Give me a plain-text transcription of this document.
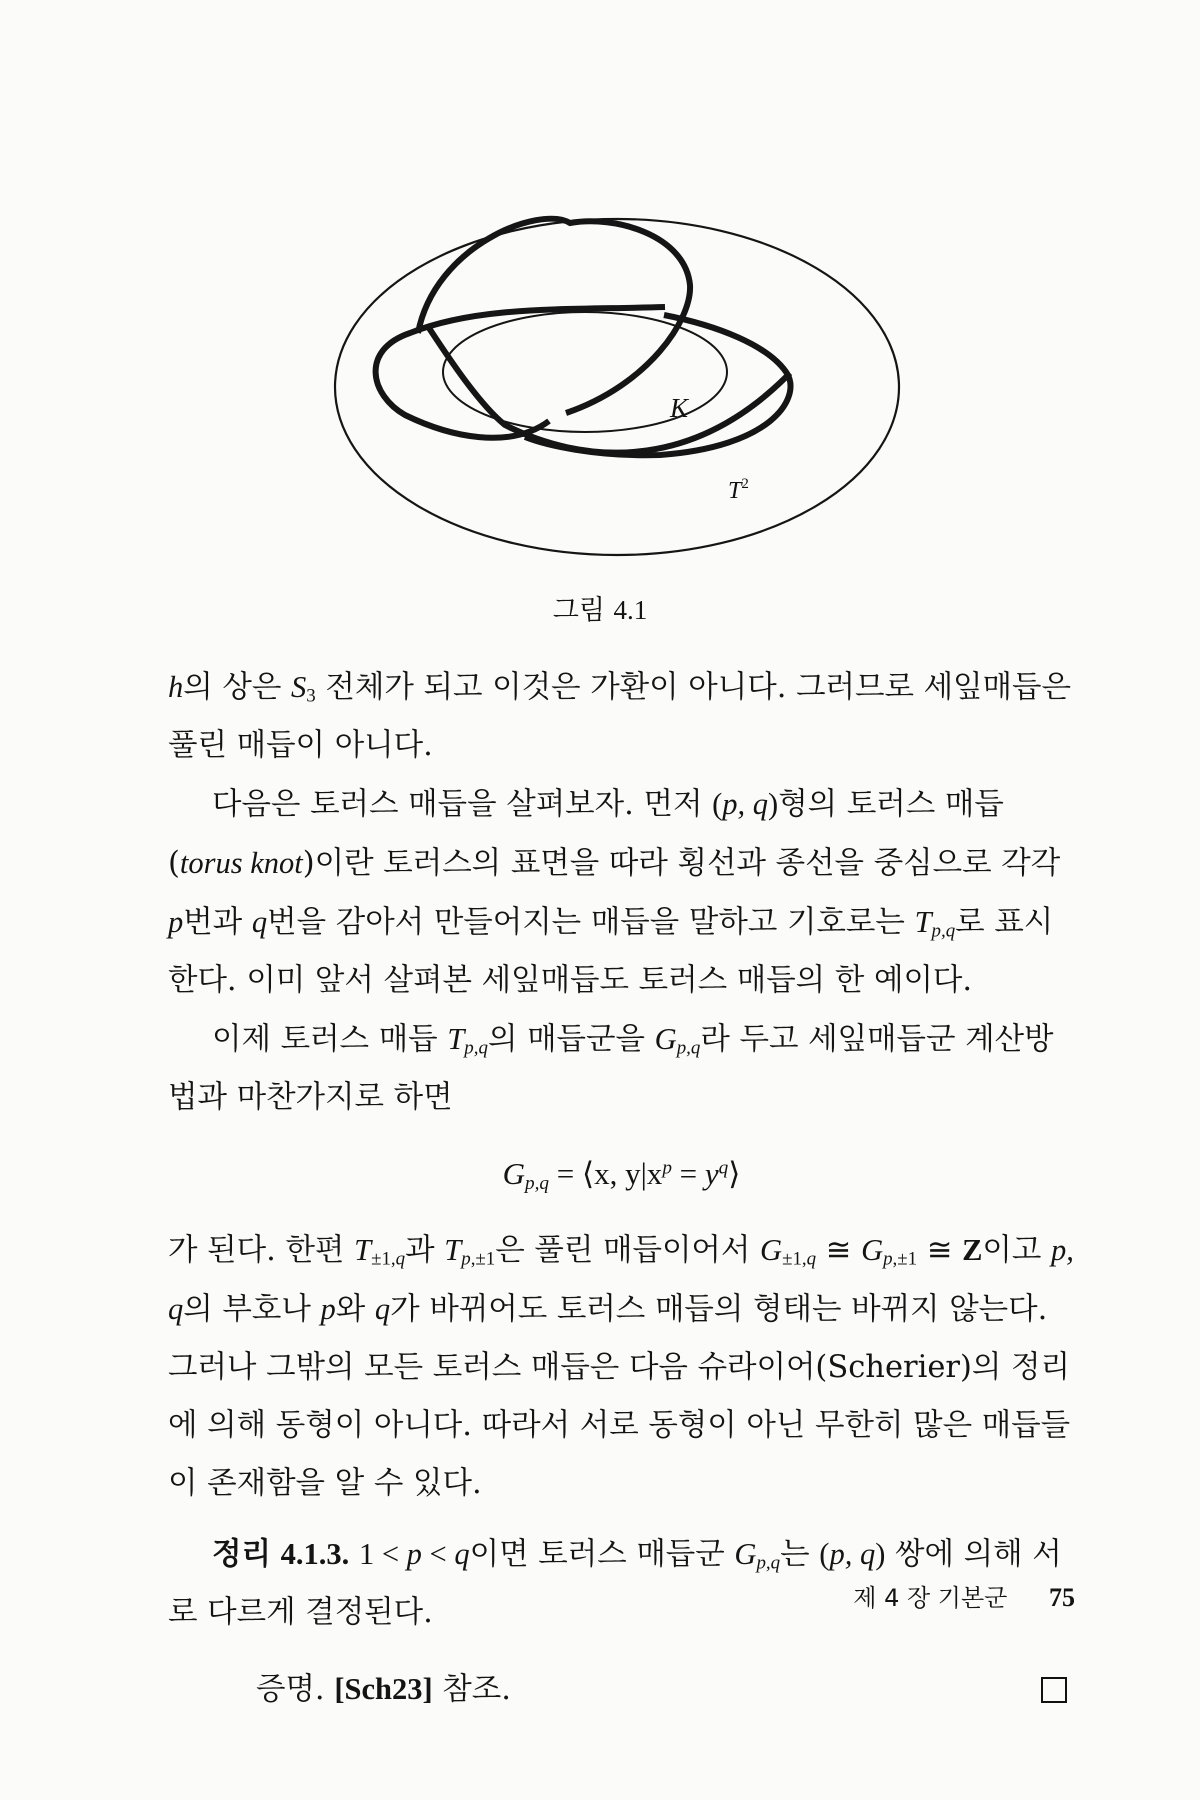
K
$T^2$
그림 4.1

h의 상은 $S_3$ 전체가 되고 이것은 가환이 아니다. 그러므로 세잎매듭은 풀린 매듭이 아니다.

다음은 토러스 매듭을 살펴보자. 먼저 (p, q)형의 토러스 매듭(torus knot)이란 토러스의 표면을 따라 횡선과 종선을 중심으로 각각 p번과 q번을 감아서 만들어지는 매듭을 말하고 기호로는 $T_{p,q}$로 표시한다. 이미 앞서 살펴본 세잎매듭도 토러스 매듭의 한 예이다.

이제 토러스 매듭 $T_{p,q}$의 매듭군을 $G_{p,q}$라 두고 세잎매듭군 계산방법과 마찬가지로 하면

$G_{p,q}$ = ⟨x, $y|x^p$ = $y^q⟩$

가 된다. 한편 $T_{\pm 1,q}$과 $T_{p,\pm 1}$은 풀린 매듭이어서 $G_{\pm 1,q}$ ≅ $G_{p,\pm 1}$ ≅ Z이고 p, q의 부호나 p와 q가 바뀌어도 토러스 매듭의 형태는 바뀌지 않는다. 그러나 그밖의 모든 토러스 매듭은 다음 슈라이어(Scherier)의 정리에 의해 동형이 아니다. 따라서 서로 동형이 아닌 무한히 많은 매듭들이 존재함을 알 수 있다.

정리 4.1.3. 1 < p < q이면 토러스 매듭군 $G_{p,q}$는 (p, q) 쌍에 의해 서로 다르게 결정된다.

증명. [Sch23] 참조.
제 4 장 기본군 75
